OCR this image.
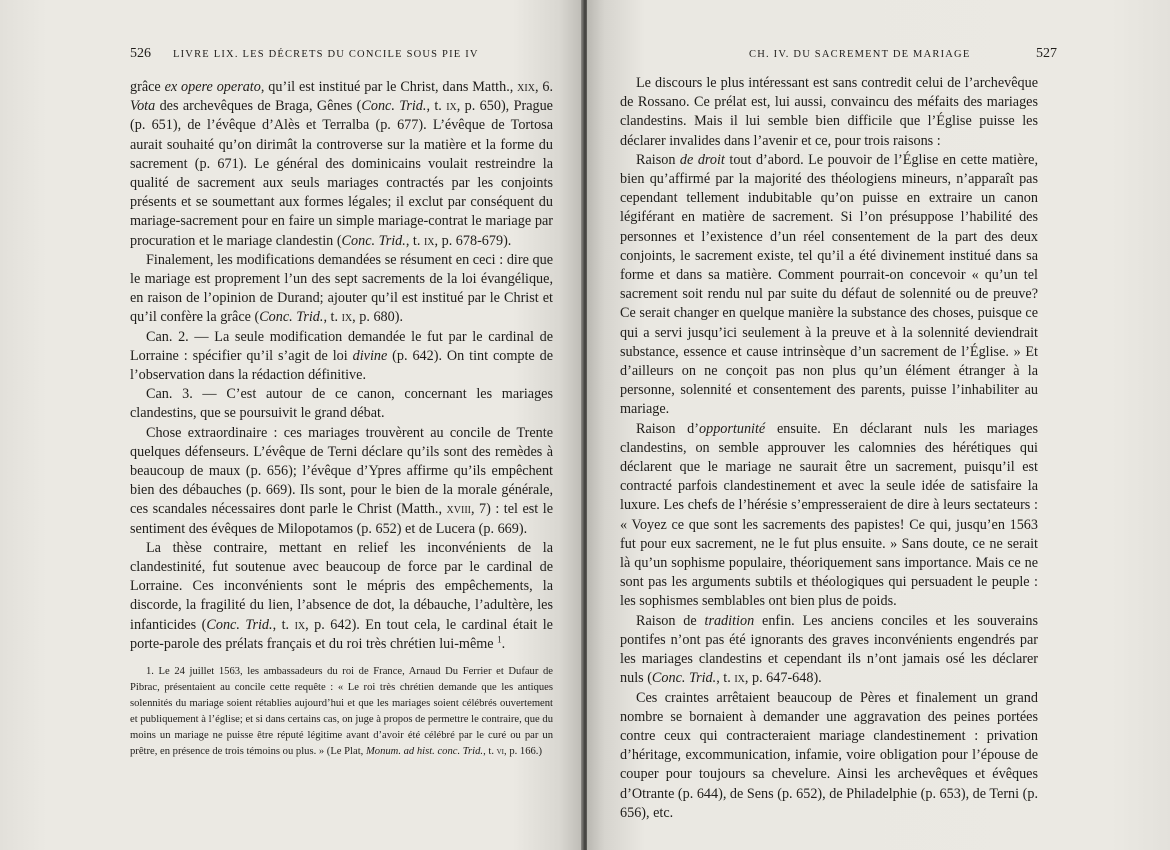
526 LIVRE LIX. LES DÉCRETS DU CONCILE SOUS PIE IV

grâce ex opere operato, qu’il est institué par le Christ, dans Matth., xix, 6. Vota des archevêques de Braga, Gênes (Conc. Trid., t. ix, p. 650), Prague (p. 651), de l’évêque d’Alès et Terralba (p. 677). L’évêque de Tortosa aurait souhaité qu’on dirimât la controverse sur la matière et la forme du sacrement (p. 671). Le général des dominicains voulait restreindre la qualité de sacrement aux seuls mariages contractés par les conjoints présents et se soumettant aux formes légales; il exclut par conséquent du mariage-sacrement pour en faire un simple mariage-contrat le mariage par procuration et le mariage clandestin (Conc. Trid., t. ix, p. 678-679).

Finalement, les modifications demandées se résument en ceci : dire que le mariage est proprement l’un des sept sacrements de la loi évangélique, en raison de l’opinion de Durand; ajouter qu’il est institué par le Christ et qu’il confère la grâce (Conc. Trid., t. ix, p. 680).

Can. 2. — La seule modification demandée le fut par le cardinal de Lorraine : spécifier qu’il s’agit de loi divine (p. 642). On tint compte de l’observation dans la rédaction définitive.

Can. 3. — C’est autour de ce canon, concernant les mariages clandestins, que se poursuivit le grand débat.

Chose extraordinaire : ces mariages trouvèrent au concile de Trente quelques défenseurs. L’évêque de Terni déclare qu’ils sont des remèdes à beaucoup de maux (p. 656); l’évêque d’Ypres affirme qu’ils empêchent bien des débauches (p. 669). Ils sont, pour le bien de la morale générale, ces scandales nécessaires dont parle le Christ (Matth., xviii, 7) : tel est le sentiment des évêques de Milopotamos (p. 652) et de Lucera (p. 669).

La thèse contraire, mettant en relief les inconvénients de la clandestinité, fut soutenue avec beaucoup de force par le cardinal de Lorraine. Ces inconvénients sont le mépris des empêchements, la discorde, la fragilité du lien, l’absence de dot, la débauche, l’adultère, les infanticides (Conc. Trid., t. ix, p. 642). En tout cela, le cardinal était le porte-parole des prélats français et du roi très chrétien lui-même $^1$.

1. Le 24 juillet 1563, les ambassadeurs du roi de France, Arnaud Du Ferrier et Dufaur de Pibrac, présentaient au concile cette requête : « Le roi très chrétien demande que les antiques solennités du mariage soient rétablies aujourd’hui et que les mariages soient célébrés ouvertement et publiquement à l’église; et si dans certains cas, on juge à propos de permettre le contraire, que du moins un mariage ne puisse être réputé légitime avant d’avoir été célébré par le curé ou par un prêtre, en présence de trois témoins ou plus. » (Le Plat, Monum. ad hist. conc. Trid., t. vi, p. 166.)

CH. IV. DU SACREMENT DE MARIAGE	527

Le discours le plus intéressant est sans contredit celui de l’archevêque de Rossano. Ce prélat est, lui aussi, convaincu des méfaits des mariages clandestins. Mais il lui semble bien difficile que l’Église puisse les déclarer invalides dans l’avenir et ce, pour trois raisons :

Raison de droit tout d’abord. Le pouvoir de l’Église en cette matière, bien qu’affirmé par la majorité des théologiens mineurs, n’apparaît pas cependant tellement indubitable qu’on puisse en extraire un canon légiférant en matière de sacrement. Si l’on présuppose l’habilité des personnes et l’existence d’un réel consentement de la part des deux conjoints, le sacrement existe, tel qu’il a été divinement institué dans sa forme et dans sa matière. Comment pourrait-on concevoir « qu’un tel sacrement soit rendu nul par suite du défaut de solennité ou de preuve? Ce serait changer en quelque manière la substance des choses, puisque ce qui a servi jusqu’ici seulement à la preuve et à la solennité deviendrait substance, essence et cause intrinsèque d’un sacrement de l’Église. » Et d’ailleurs on ne conçoit pas non plus qu’un élément étranger à la personne, solennité et consentement des parents, puisse l’inhabiliter au mariage.

Raison d’opportunité ensuite. En déclarant nuls les mariages clandestins, on semble approuver les calomnies des hérétiques qui déclarent que le mariage ne saurait être un sacrement, puisqu’il est contracté parfois clandestinement et avec la seule idée de satisfaire la luxure. Les chefs de l’hérésie s’empresseraient de dire à leurs sectateurs : « Voyez ce que sont les sacrements des papistes! Ce qui, jusqu’en 1563 fut pour eux sacrement, ne le fut plus ensuite. » Sans doute, ce ne serait là qu’un sophisme populaire, théoriquement sans importance. Mais ce ne sont pas les arguments subtils et théologiques qui persuadent le peuple : les sophismes semblables ont bien plus de poids.

Raison de tradition enfin. Les anciens conciles et les souverains pontifes n’ont pas été ignorants des graves inconvénients engendrés par les mariages clandestins et cependant ils n’ont jamais osé les déclarer nuls (Conc. Trid., t. ix, p. 647-648).

Ces craintes arrêtaient beaucoup de Pères et finalement un grand nombre se bornaient à demander une aggravation des peines portées contre ceux qui contracteraient mariage clandestinement : privation d’héritage, excommunication, infamie, voire obligation pour l’épouse de couper pour toujours sa chevelure. Ainsi les archevêques et évêques d’Otrante (p. 644), de Sens (p. 652), de Philadelphie (p. 653), de Terni (p. 656), etc.
